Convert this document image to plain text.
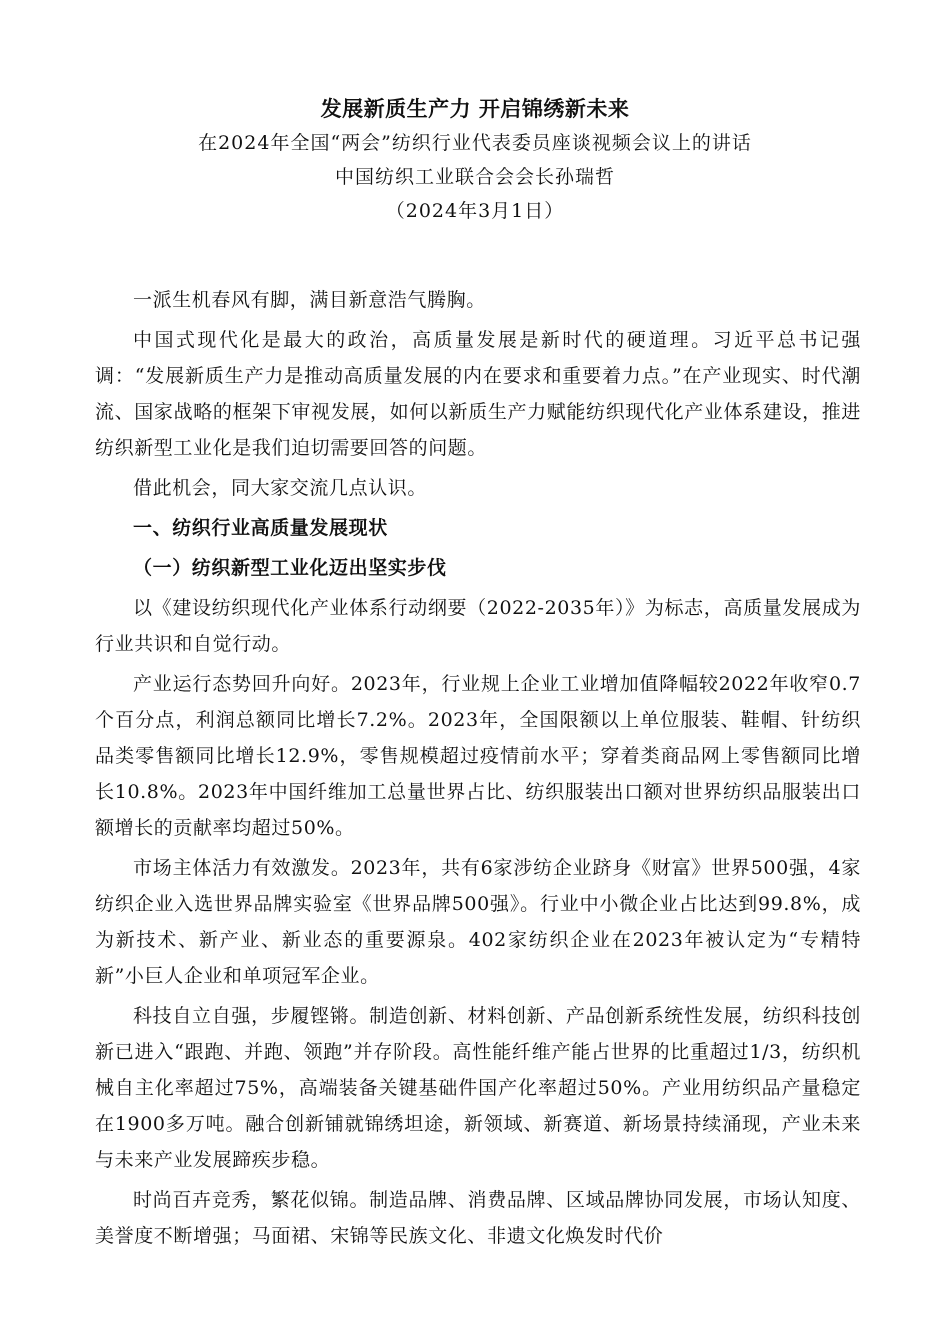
发展新质生产力 开启锦绣新未来
在2024年全国“两会”纺织行业代表委员座谈视频会议上的讲话
中国纺织工业联合会会长孙瑞哲
（2024年3月1日）

一派生机春风有脚，满目新意浩气腾胸。

中国式现代化是最大的政治，高质量发展是新时代的硬道理。习近平总书记强调：“发展新质生产力是推动高质量发展的内在要求和重要着力点。”在产业现实、时代潮流、国家战略的框架下审视发展，如何以新质生产力赋能纺织现代化产业体系建设，推进纺织新型工业化是我们迫切需要回答的问题。

借此机会，同大家交流几点认识。

一、纺织行业高质量发展现状
（一）纺织新型工业化迈出坚实步伐

以《建设纺织现代化产业体系行动纲要（2022-2035年）》为标志，高质量发展成为行业共识和自觉行动。

产业运行态势回升向好。2023年，行业规上企业工业增加值降幅较2022年收窄0.7个百分点，利润总额同比增长7.2%。2023年，全国限额以上单位服装、鞋帽、针纺织品类零售额同比增长12.9%，零售规模超过疫情前水平；穿着类商品网上零售额同比增长10.8%。2023年中国纤维加工总量世界占比、纺织服装出口额对世界纺织品服装出口额增长的贡献率均超过50%。

市场主体活力有效激发。2023年，共有6家涉纺企业跻身《财富》世界500强，4家纺织企业入选世界品牌实验室《世界品牌500强》。行业中小微企业占比达到99.8%，成为新技术、新产业、新业态的重要源泉。402家纺织企业在2023年被认定为“专精特新”小巨人企业和单项冠军企业。

科技自立自强，步履铿锵。制造创新、材料创新、产品创新系统性发展，纺织科技创新已进入“跟跑、并跑、领跑”并存阶段。高性能纤维产能占世界的比重超过1/3，纺织机械自主化率超过75%，高端装备关键基础件国产化率超过50%。产业用纺织品产量稳定在1900多万吨。融合创新铺就锦绣坦途，新领域、新赛道、新场景持续涌现，产业未来与未来产业发展蹄疾步稳。

时尚百卉竞秀，繁花似锦。制造品牌、消费品牌、区域品牌协同发展，市场认知度、美誉度不断增强；马面裙、宋锦等民族文化、非遗文化焕发时代价
